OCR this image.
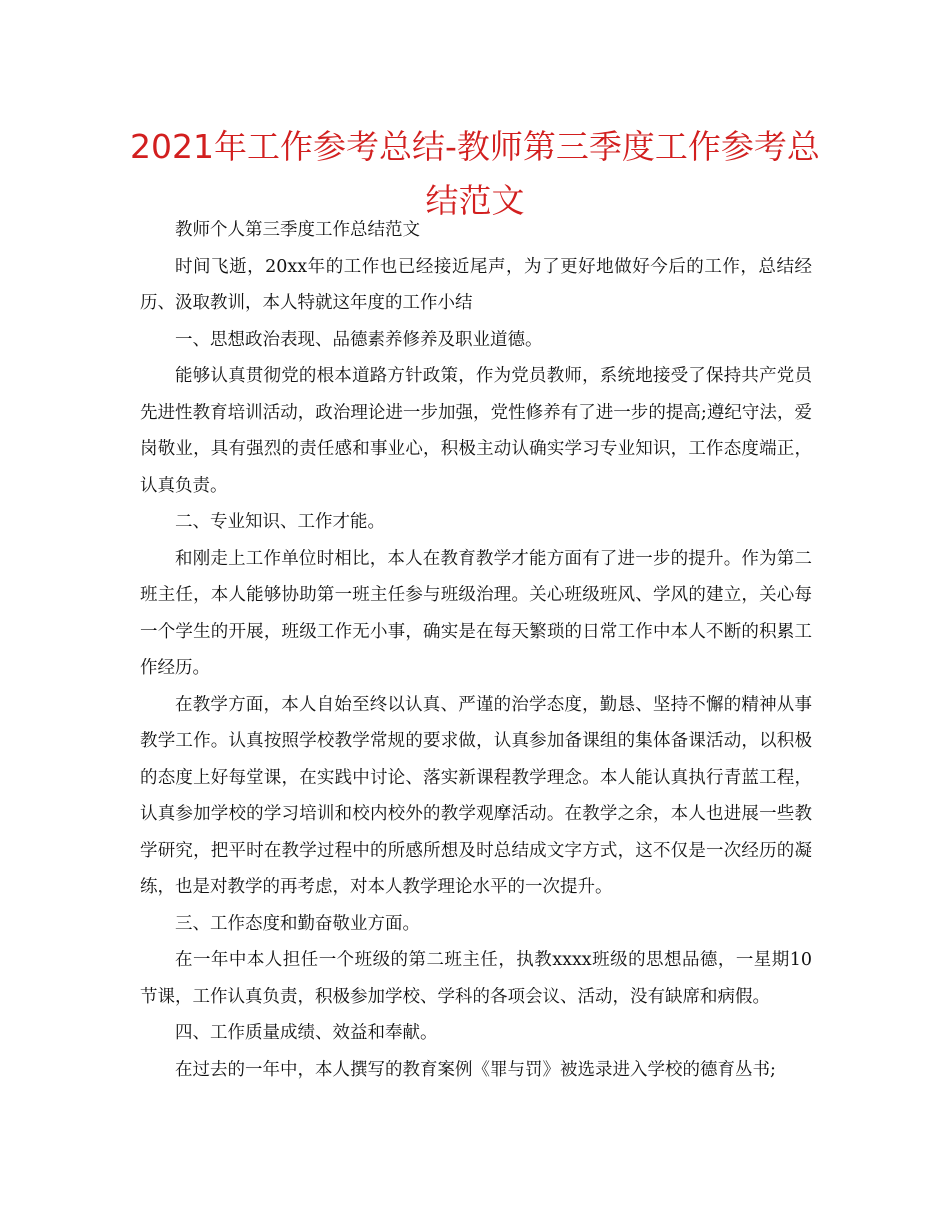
2021年工作参考总结-教师第三季度工作参考总结范文

教师个人第三季度工作总结范文

时间飞逝，20xx年的工作也已经接近尾声，为了更好地做好今后的工作，总结经历、汲取教训，本人特就这年度的工作小结

一、思想政治表现、品德素养修养及职业道德。

能够认真贯彻党的根本道路方针政策，作为党员教师，系统地接受了保持共产党员先进性教育培训活动，政治理论进一步加强，党性修养有了进一步的提高;遵纪守法，爱岗敬业，具有强烈的责任感和事业心，积极主动认确实学习专业知识，工作态度端正，认真负责。

二、专业知识、工作才能。

和刚走上工作单位时相比，本人在教育教学才能方面有了进一步的提升。作为第二班主任，本人能够协助第一班主任参与班级治理。关心班级班风、学风的建立，关心每一个学生的开展，班级工作无小事，确实是在每天繁琐的日常工作中本人不断的积累工作经历。

在教学方面，本人自始至终以认真、严谨的治学态度，勤恳、坚持不懈的精神从事教学工作。认真按照学校教学常规的要求做，认真参加备课组的集体备课活动，以积极的态度上好每堂课，在实践中讨论、落实新课程教学理念。本人能认真执行青蓝工程，认真参加学校的学习培训和校内校外的教学观摩活动。在教学之余，本人也进展一些教学研究，把平时在教学过程中的所感所想及时总结成文字方式，这不仅是一次经历的凝练，也是对教学的再考虑，对本人教学理论水平的一次提升。

三、工作态度和勤奋敬业方面。

在一年中本人担任一个班级的第二班主任，执教xxxx班级的思想品德，一星期10节课，工作认真负责，积极参加学校、学科的各项会议、活动，没有缺席和病假。

四、工作质量成绩、效益和奉献。

在过去的一年中，本人撰写的教育案例《罪与罚》被选录进入学校的德育丛书;
